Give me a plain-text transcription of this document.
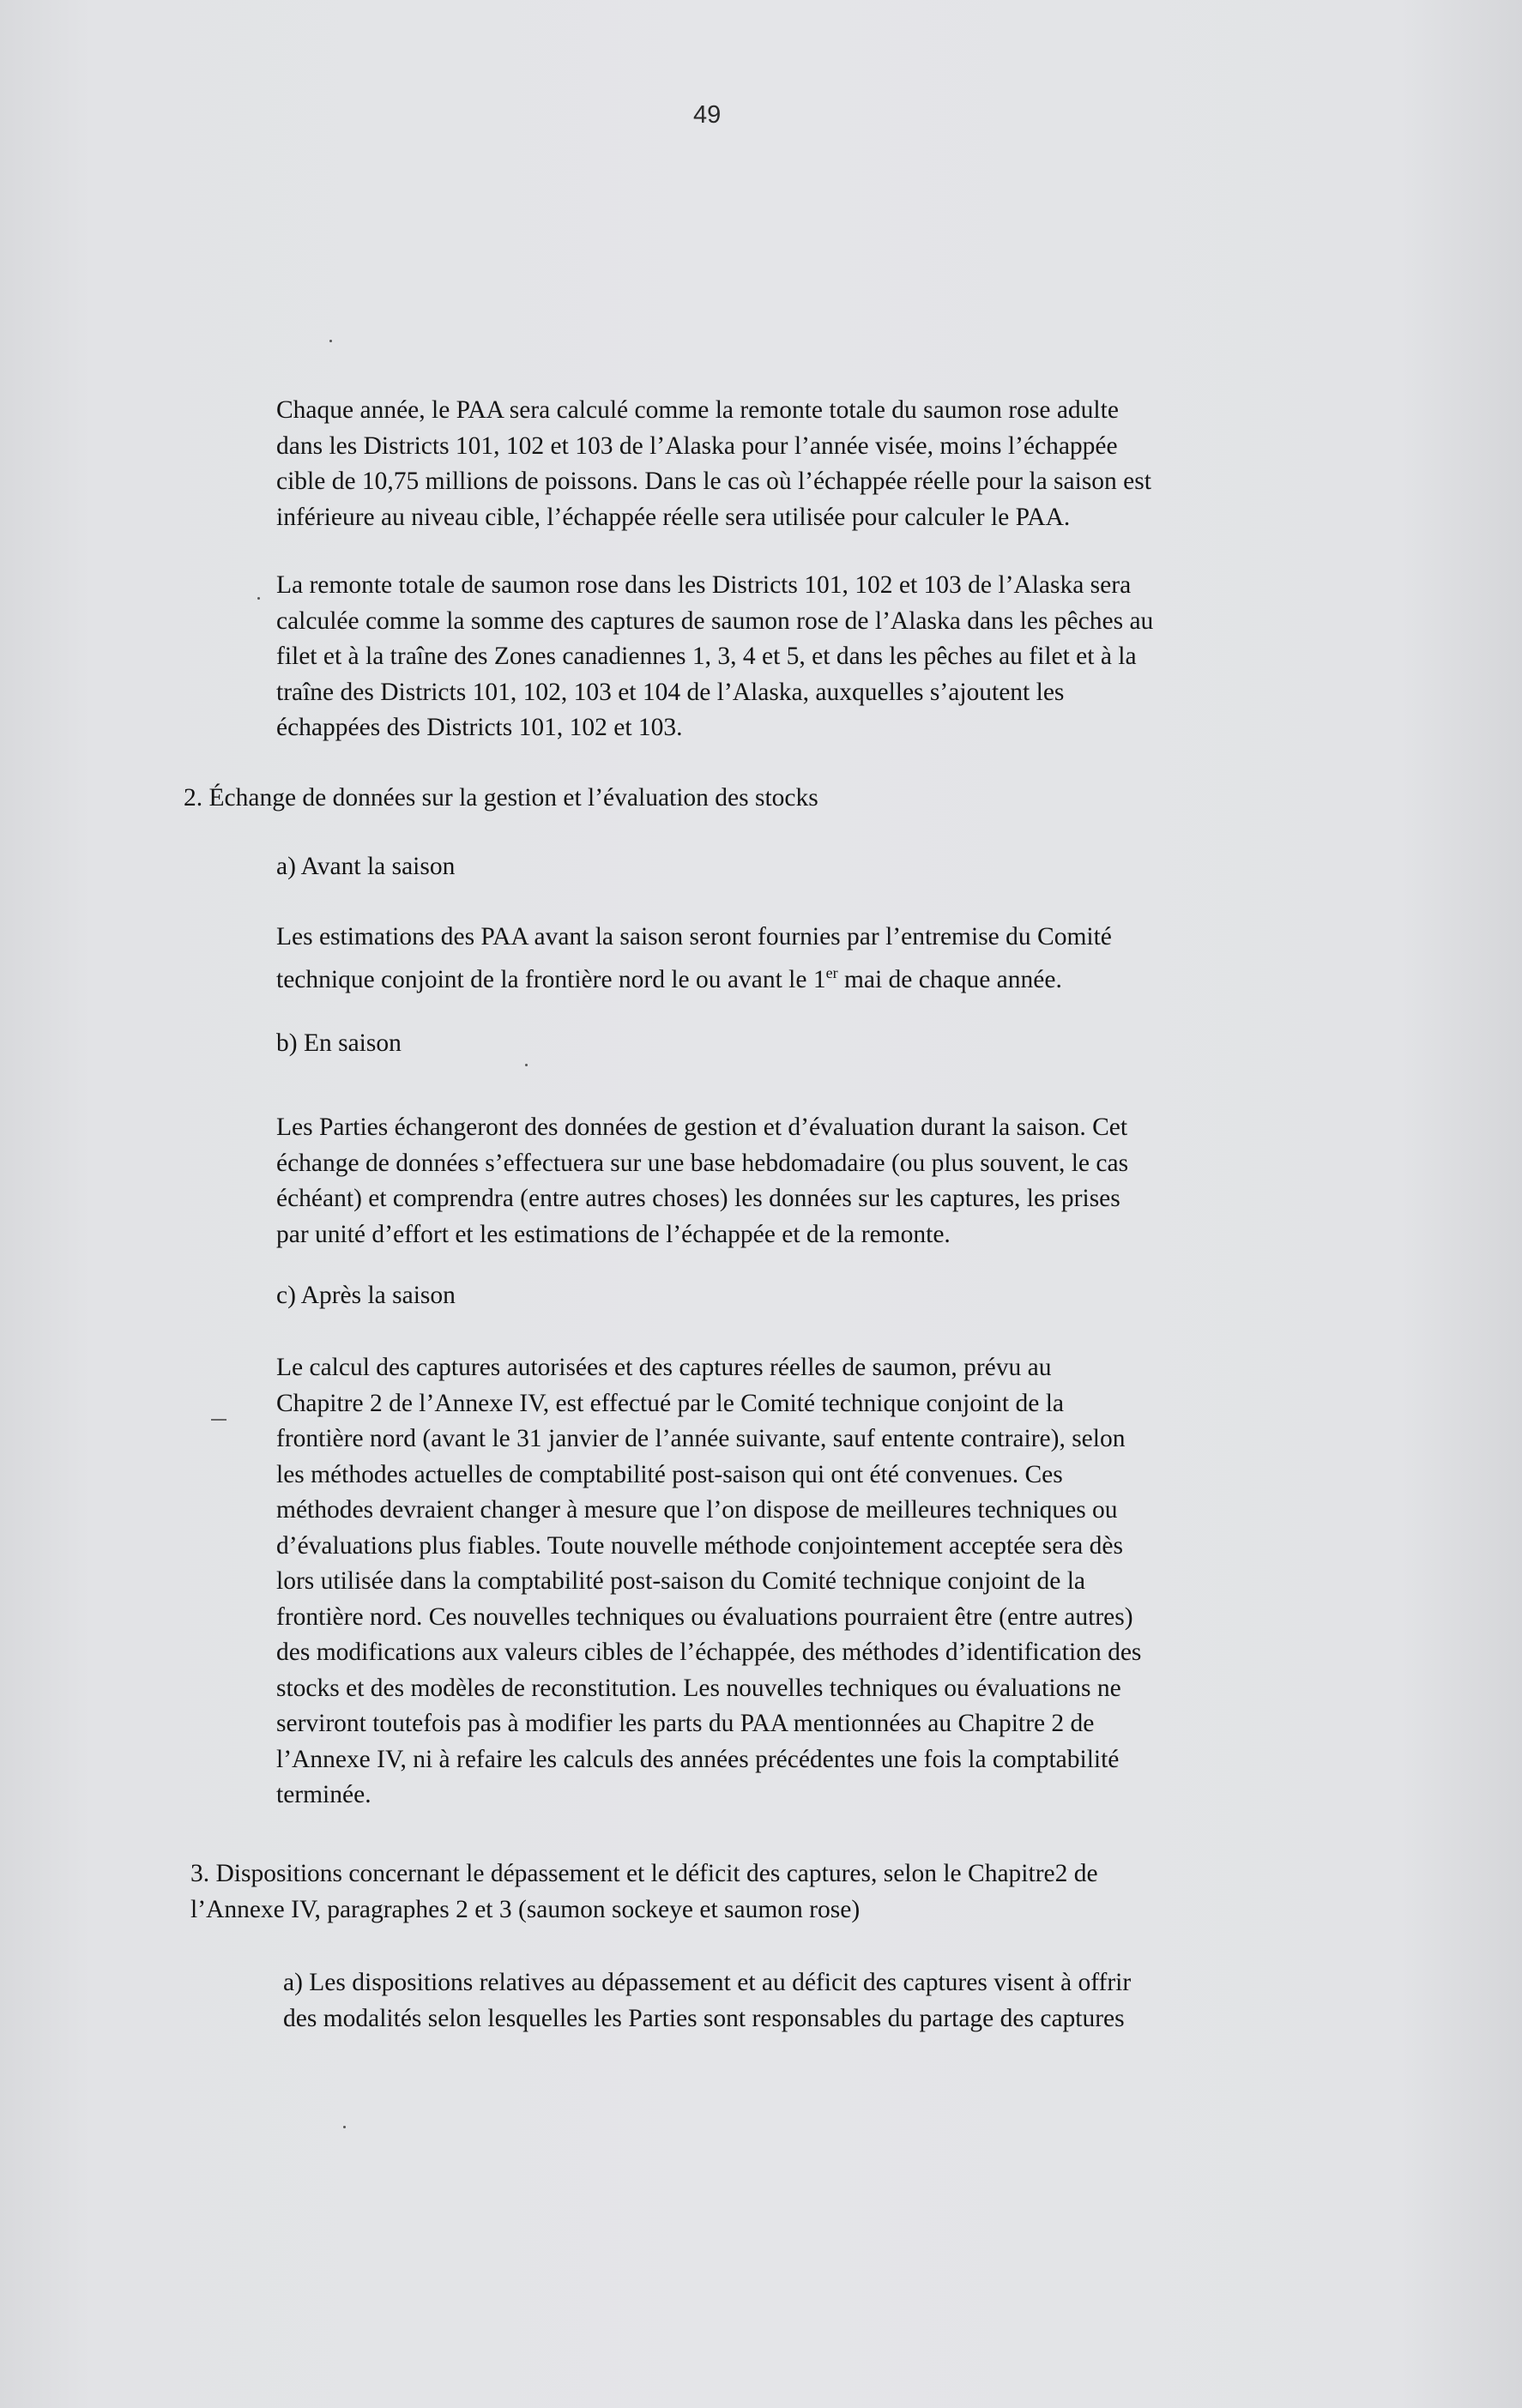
49

Chaque année, le PAA sera calculé comme la remonte totale du saumon rose adulte

dans les Districts 101, 102 et 103 de l’Alaska pour l’année visée, moins l’échappée

cible de 10,75 millions de poissons. Dans le cas où l’échappée réelle pour la saison est

inférieure au niveau cible, l’échappée réelle sera utilisée pour calculer le PAA.

La remonte totale de saumon rose dans les Districts 101, 102 et 103 de l’Alaska sera

calculée comme la somme des captures de saumon rose de l’Alaska dans les pêches au

filet et à la traîne des Zones canadiennes 1, 3, 4 et 5, et dans les pêches au filet et à la

traîne des Districts 101, 102, 103 et 104 de l’Alaska, auxquelles s’ajoutent les

échappées des Districts 101, 102 et 103.

2. Échange de données sur la gestion et l’évaluation des stocks

a) Avant la saison

Les estimations des PAA avant la saison seront fournies par l’entremise du Comité

technique conjoint de la frontière nord le ou avant le 1er mai de chaque année.

b) En saison

Les Parties échangeront des données de gestion et d’évaluation durant la saison. Cet

échange de données s’effectuera sur une base hebdomadaire (ou plus souvent, le cas

échéant) et comprendra (entre autres choses) les données sur les captures, les prises

par unité d’effort et les estimations de l’échappée et de la remonte.

c) Après la saison

Le calcul des captures autorisées et des captures réelles de saumon, prévu au

Chapitre 2 de l’Annexe IV, est effectué par le Comité technique conjoint de la

frontière nord (avant le 31 janvier de l’année suivante, sauf entente contraire), selon

les méthodes actuelles de comptabilité post-saison qui ont été convenues. Ces

méthodes devraient changer à mesure que l’on dispose de meilleures techniques ou

d’évaluations plus fiables. Toute nouvelle méthode conjointement acceptée sera dès

lors utilisée dans la comptabilité post-saison du Comité technique conjoint de la

frontière nord. Ces nouvelles techniques ou évaluations pourraient être (entre autres)

des modifications aux valeurs cibles de l’échappée, des méthodes d’identification des

stocks et des modèles de reconstitution. Les nouvelles techniques ou évaluations ne

serviront toutefois pas à modifier les parts du PAA mentionnées au Chapitre 2 de

l’Annexe IV, ni à refaire les calculs des années précédentes une fois la comptabilité

terminée.

3. Dispositions concernant le dépassement et le déficit des captures, selon le Chapitre2 de

l’Annexe IV, paragraphes 2 et 3 (saumon sockeye et saumon rose)

a) Les dispositions relatives au dépassement et au déficit des captures visent à offrir

des modalités selon lesquelles les Parties sont responsables du partage des captures
